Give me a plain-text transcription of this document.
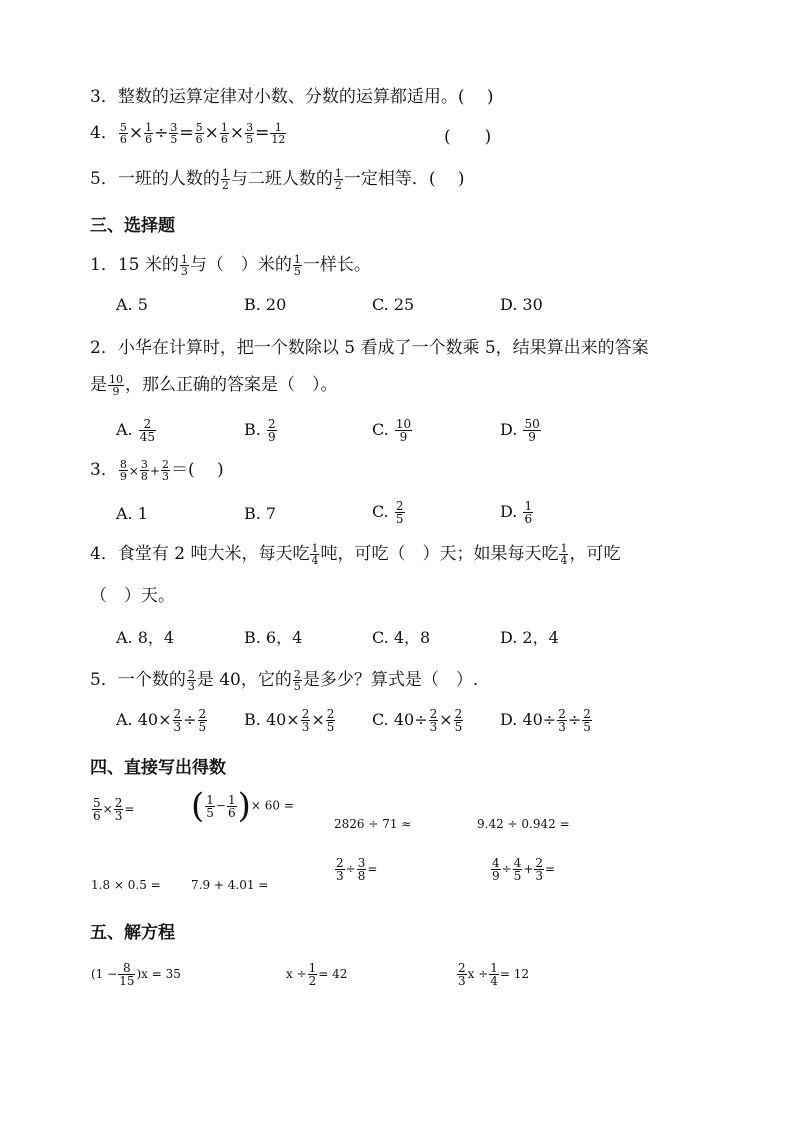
3．整数的运算定律对小数、分数的运算都适用。(　 )
4． $\frac{5}{6} \times \frac{1}{6} \div \frac{3}{5} = \frac{5}{6} \times \frac{1}{6} \times \frac{3}{5} = \frac{1}{12}$	(　　)
5．一班的人数的 $\frac{1}{2}$ 与二班人数的 $\frac{1}{2}$ 一定相等．(　 )
三、选择题
1．15 米的 $\frac{1}{3}$ 与（　）米的 $\frac{1}{5}$ 一样长。
A. 5	B. 20	C. 25	D. 30
2．小华在计算时，把一个数除以 5 看成了一个数乘 5，结果算出来的答案
是 $\frac{10}{9}$ ，那么正确的答案是（　）。
A. $\frac{2}{45}$	B. $\frac{2}{9}$	C. $\frac{10}{9}$	D. $\frac{50}{9}$
3． $\frac{8}{9} \times \frac{3}{8} + \frac{2}{3}$ ＝(　 )
A. 1	B. 7	C. $\frac{2}{5}$	D. $\frac{1}{6}$
4．食堂有 2 吨大米，每天吃 $\frac{1}{4}$ 吨，可吃（　）天；如果每天吃 $\frac{1}{4}$ ，可吃
（　）天。
A. 8，4	B. 6，4	C. 4，8	D. 2，4
5．一个数的 $\frac{2}{3}$ 是 40，它的 $\frac{2}{5}$ 是多少？算式是（　）.
A. $40\times \frac{2}{3} \div \frac{2}{5} B$. $40\times \frac{2}{3} \times \frac{2}{5} C$. $40\div \frac{2}{3} \times \frac{2}{5} D$. $40\div \frac{2}{3} \div \frac{2}{5}$
四、直接写出得数
$\frac{5}{6} \times \frac{2}{3}$ = ( $\frac{1}{5} - \frac{1}{6}$ )× 60 =
2826 ÷ 71 ≈	9.42 ÷ 0.942 =
1.8 × 0.5 =	7.9 + 4.01 =
$\frac{2}{3} \div \frac{3}{8}$ =	$\frac{4}{9} \div \frac{4}{5} + \frac{2}{3}$ =
五、解方程
$(1 - \frac{8}{15} )x = 35$	$x \div \frac{1}{2} = 42$	$\frac{2}{3}$ $x \div \frac{1}{4} = 12$
